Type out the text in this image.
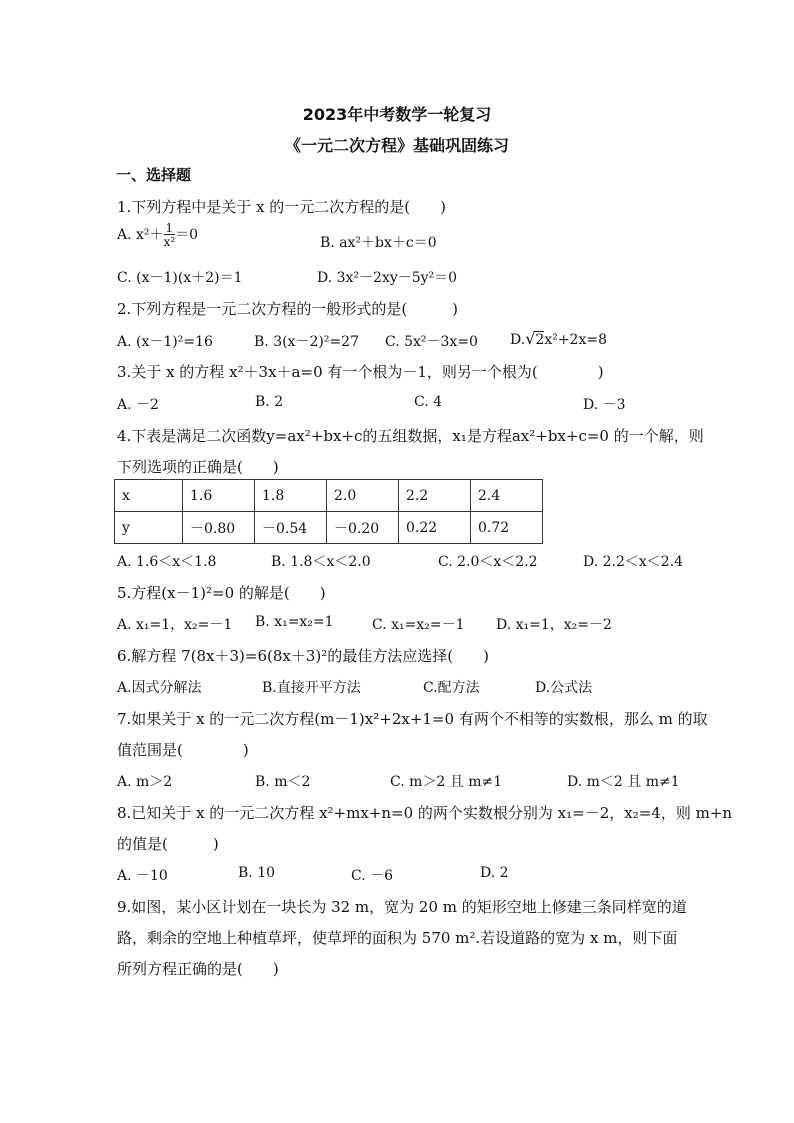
2023年中考数学一轮复习
《一元二次方程》基础巩固练习
一、选择题
1.下列方程中是关于 x 的一元二次方程的是(　　)
A. $x^2+ \frac{1}{\text{x²}} =0$	B. ax²＋bx＋c＝0
C. (x－1)(x＋2)＝1	D. 3x²－2xy－5y²＝0
2.下列方程是一元二次方程的一般形式的是(　　　)
A. (x－1)²=16	B. 3(x－2)²=27 C. 5x²－3x=0 D.√2x²+2x=8
3.关于 x 的方程 x²＋3x＋a=0 有一个根为－1，则另一个根为(　　　　)
A. －2	B. 2	C. 4	D. －3
4.下表是满足二次函数y=ax²+bx+c的五组数据，x₁是方程ax²+bx+c=0 的一个解，则
下列选项的正确是(　　)
x	1.6	1.8	2.0	2.2	2.4
y	－0.80	－0.54	－0.20	0.22	0.72
A. 1.6＜x＜1.8	B. 1.8＜x＜2.0	C. 2.0＜x＜2.2	D. 2.2＜x＜2.4
5.方程(x－1)²=0 的解是(　　)
A. x₁=1，x₂=－1 B. x₁=x₂=1	C. x₁=x₂=－1 D. x₁=1，x₂=－2
6.解方程 7(8x＋3)=6(8x＋3)²的最佳方法应选择(　　)
A.因式分解法	B.直接开平方法	C.配方法	D.公式法
7.如果关于 x 的一元二次方程(m－1)x²+2x+1=0 有两个不相等的实数根，那么 m 的取
值范围是(　　　　)
A. m＞2	B. m＜2	C. m＞2 且 m≠1	D. m＜2 且 m≠1
8.已知关于 x 的一元二次方程 x²+mx+n=0 的两个实数根分别为 x₁=－2，x₂=4，则 m+n
的值是(　　　)
A. －10	B. 10	C. －6	D. 2
9.如图，某小区计划在一块长为 32 m，宽为 20 m 的矩形空地上修建三条同样宽的道
路，剩余的空地上种植草坪，使草坪的面积为 570 m².若设道路的宽为 x m，则下面
所列方程正确的是(　　)
